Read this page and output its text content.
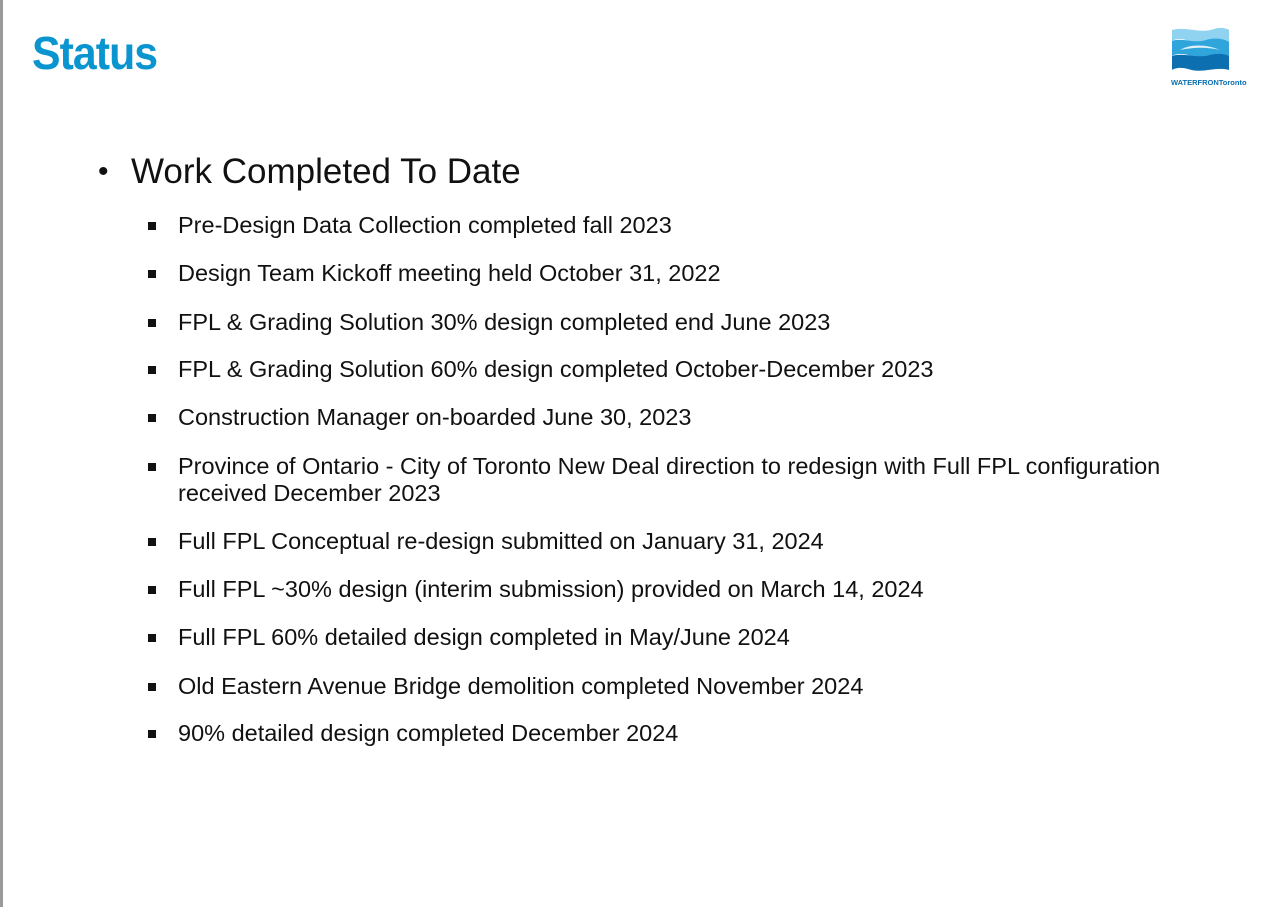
Status
WATERFRONToronto
• Work Completed To Date
Pre-Design Data Collection completed fall 2023
Design Team Kickoff meeting held October 31, 2022
FPL & Grading Solution 30% design completed end June 2023
FPL & Grading Solution 60% design completed October-December 2023
Construction Manager on-boarded June 30, 2023
Province of Ontario - City of Toronto New Deal direction to redesign with Full FPL configuration received December 2023
Full FPL Conceptual re-design submitted on January 31, 2024
Full FPL ~30% design (interim submission) provided on March 14, 2024
Full FPL 60% detailed design completed in May/June 2024
Old Eastern Avenue Bridge demolition completed November 2024
90% detailed design completed December 2024
